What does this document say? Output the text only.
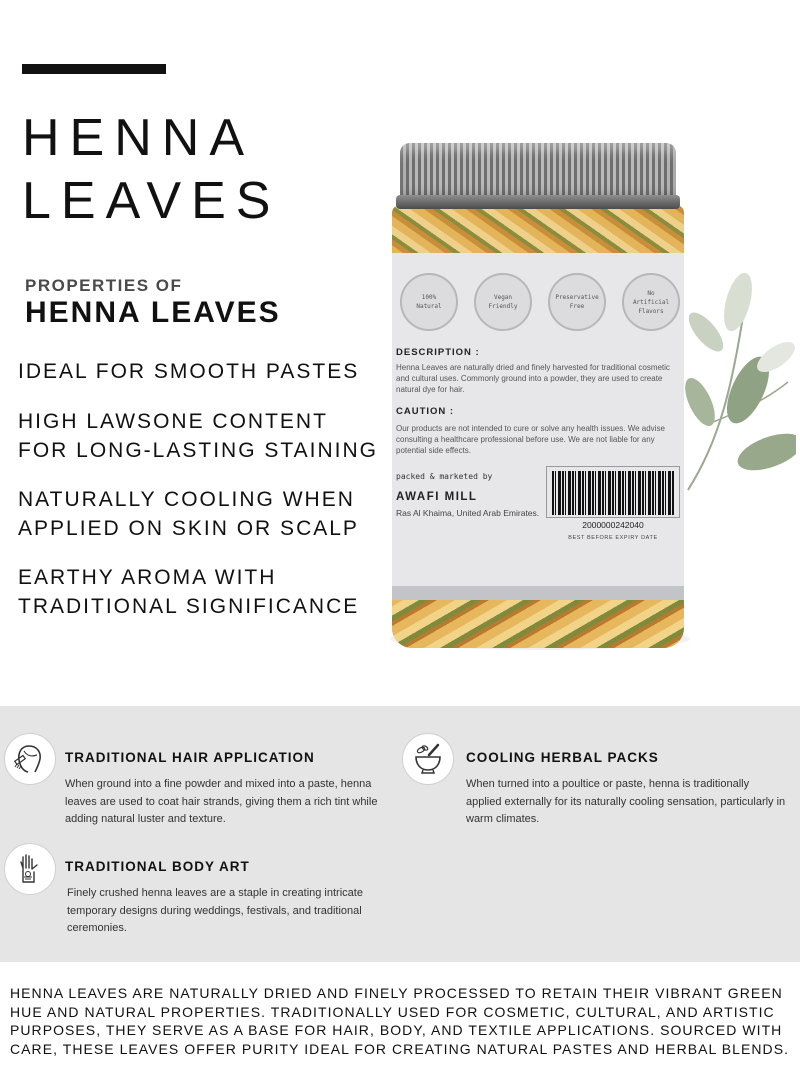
HENNA
LEAVES
PROPERTIES OF
HENNA LEAVES
IDEAL FOR SMOOTH PASTES
HIGH LAWSONE CONTENT
FOR LONG-LASTING STAINING
NATURALLY COOLING WHEN
APPLIED ON SKIN OR SCALP
EARTHY AROMA WITH
TRADITIONAL SIGNIFICANCE
100% Natural
Vegan Friendly
Preservative Free
No Artificial Flavors
DESCRIPTION :
Henna Leaves are naturally dried and finely harvested for traditional cosmetic and cultural uses. Commonly ground into a powder, they are used to create natural dye for hair.
CAUTION :
Our products are not intended to cure or solve any health issues. We advise consulting a healthcare professional before use. We are not liable for any potential side effects.
packed & marketed by
AWAFI MILL
Ras Al Khaima, United Arab Emirates.
2000000242040
BEST BEFORE EXPIRY DATE
TRADITIONAL HAIR APPLICATION
When ground into a fine powder and mixed into a paste, henna leaves are used to coat hair strands, giving them a rich tint while adding natural luster and texture.
COOLING HERBAL PACKS
When turned into a poultice or paste, henna is traditionally applied externally for its naturally cooling sensation, particularly in warm climates.
TRADITIONAL BODY ART
Finely crushed henna leaves are a staple in creating intricate temporary designs during weddings, festivals, and traditional ceremonies.
HENNA LEAVES ARE NATURALLY DRIED AND FINELY PROCESSED TO RETAIN THEIR VIBRANT GREEN HUE AND NATURAL PROPERTIES. TRADITIONALLY USED FOR COSMETIC, CULTURAL, AND ARTISTIC PURPOSES, THEY SERVE AS A BASE FOR HAIR, BODY, AND TEXTILE APPLICATIONS. SOURCED WITH CARE, THESE LEAVES OFFER PURITY IDEAL FOR CREATING NATURAL PASTES AND HERBAL BLENDS.
